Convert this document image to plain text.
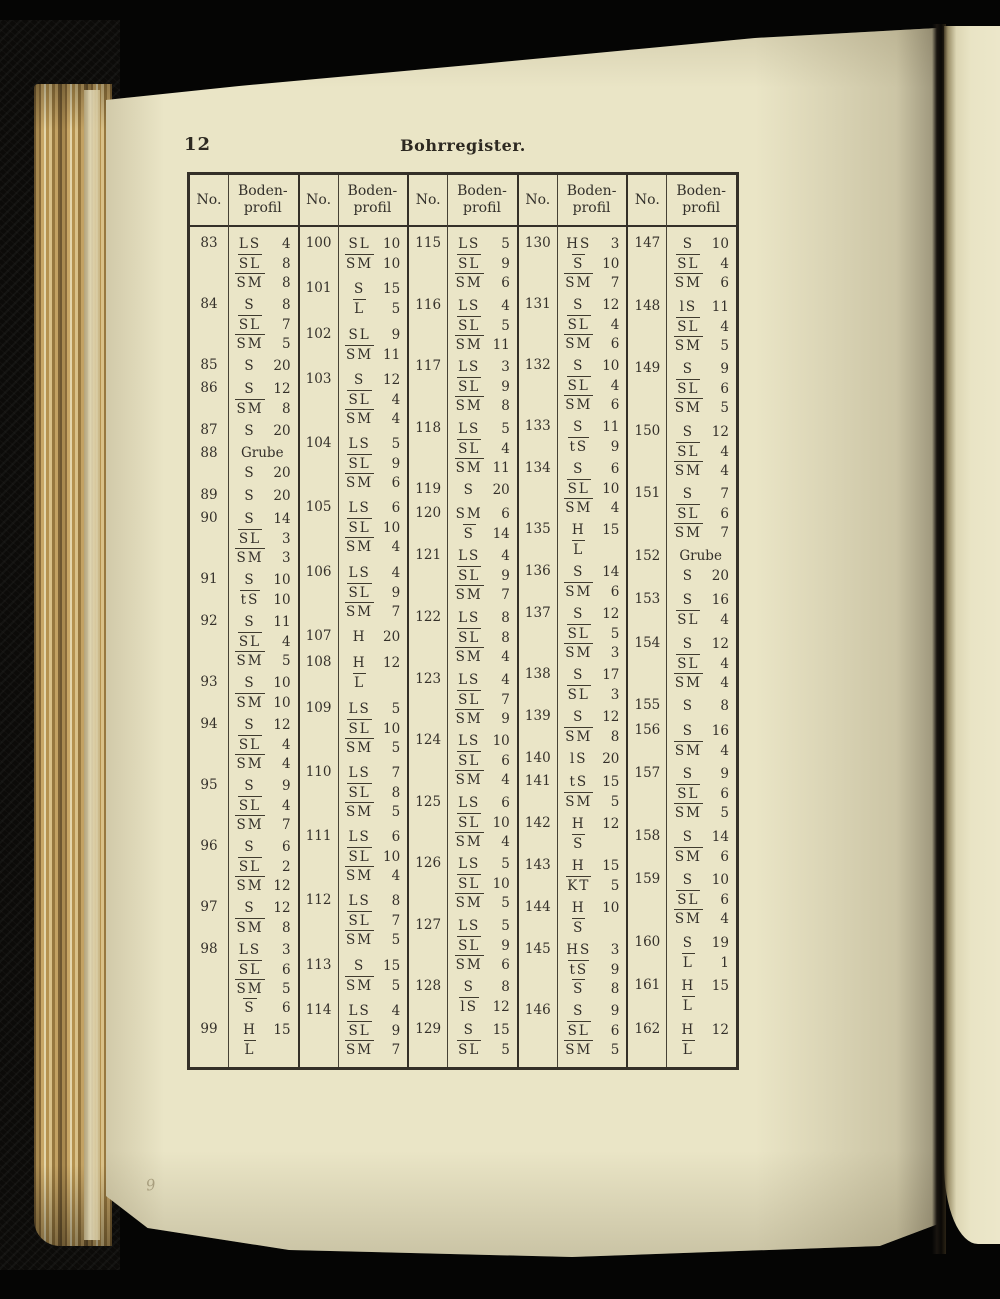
12	Bohrregister.
No.
Boden-
profil
83	LS	4
SL	8
SM	8
84	S	8
SL	7
SM	5
85	S	20
86	S	12
SM	8
87	S	20
88	Grube
S	20
89	S	20
90	S	14
SL	3
SM	3
91	S	10
tS	10
92	S	11
SL	4
SM	5
93	S	10
SM 10
94	S	12
SL	4
SM	4
95	S	9
SL	4
SM	7
96	S	6
SL	2
SM 12
97	S	12
SM	8
98	LS	3
SL	6
SM	5
S	6
99	H	15
L
No.
Boden-
profil
100	SL 10
SM 10
101	S	15
L	5
102	SL	9
SM 11
103	S	12
SL	4
SM	4
104	LS	5
SL	9
SM	6
105	LS	6
SL 10
SM	4
106	LS	4
SL	9
SM	7
107	H	20
108	H	12
L
109	LS	5
SL 10
SM	5
110	LS	7
SL	8
SM	5
111	LS	6
SL 10
SM	4
112	LS	8
SL	7
SM	5
113	S	15
SM	5
114	LS	4
SL	9
SM	7
No.
Boden-
profil
115	LS	5
SL	9
SM	6
116	LS	4
SL	5
SM 11
117	LS	3
SL	9
SM	8
118	LS	5
SL	4
SM 11
119	S	20
120	SM	6
S	14
121	LS	4
SL	9
SM	7
122	LS	8
SL	8
SM	4
123	LS	4
SL	7
SM	9
124	LS 10
SL	6
SM	4
125	LS	6
SL 10
SM	4
126	LS	5
SL 10
SM	5
127	LS	5
SL	9
SM	6
128	S	8
lS	12
129	S	15
SL	5
No.
Boden-
profil
130	HS	3
S	10
SM	7
131	S	12
SL	4
SM	6
132	S	10
SL	4
SM	6
133	S	11
tS	9
134	S	6
SL 10
SM	4
135	H	15
L
136	S	14
SM	6
137	S	12
SL	5
SM	3
138	S	17
SL	3
139	S	12
SM	8
140	lS	20
141	tS	15
SM	5
142	H	12
S
143	H	15
KT	5
144	H	10
S
145	HS	3
tS	9
S	8
146	S	9
SL	6
SM	5
No.
Boden-
profil
147	S	10
SL	4
SM	6
148	lS	11
SL	4
SM	5
149	S	9
SL	6
SM	5
150	S	12
SL	4
SM	4
151	S	7
SL	6
SM	7
152	Grube
S	20
153	S	16
SL	4
154	S	12
SL	4
SM	4
155	S	8
156	S	16
SM	4
157	S	9
SL	6
SM	5
158	S	14
SM	6
159	S	10
SL	6
SM	4
160	S	19
L	1
161	H	15
L
162	H	12
L
9
